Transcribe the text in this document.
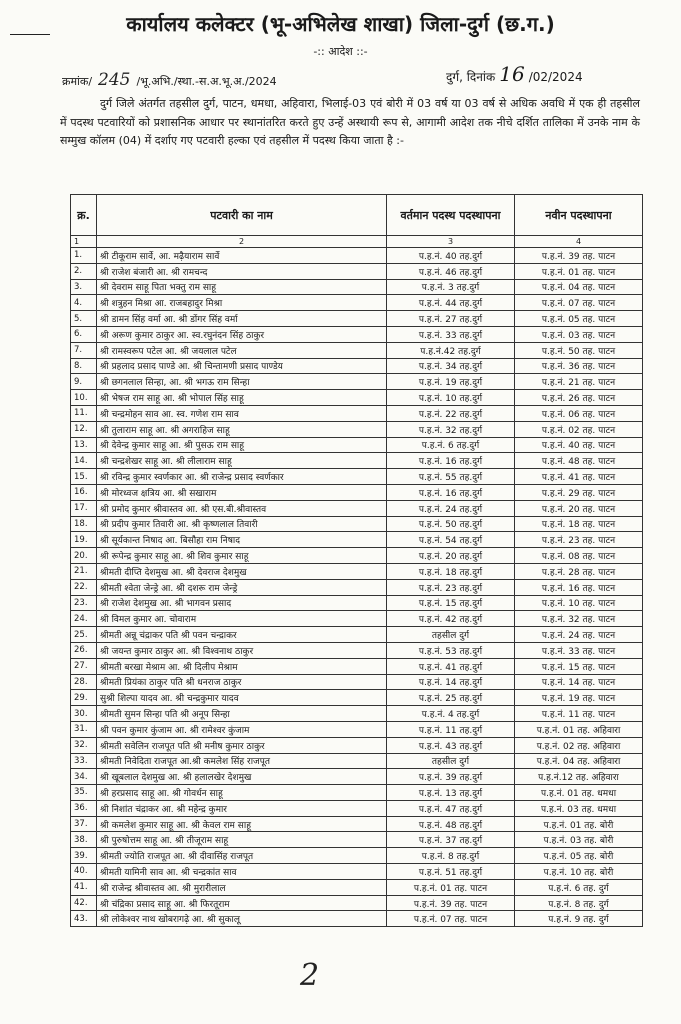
कार्यालय कलेक्टर (भू-अभिलेख शाखा) जिला-दुर्ग (छ.ग.)
-:: आदेश ::-
क्रमांक/ 245 /भू.अभि./स्था.-स.अ.भू.अ./2024	दुर्ग, दिनांक 16 /02/2024
दुर्ग जिले अंतर्गत तहसील दुर्ग, पाटन, धमधा, अहिवारा, भिलाई-03 एवं बोरी में 03 वर्ष या 03 वर्ष से अधिक अवधि में एक ही तहसील में पदस्थ पटवारियों को प्रशासनिक आधार पर स्थानांतरित करते हुए उन्हें अस्थायी रूप से, आगामी आदेश तक नीचे दर्शित तालिका में उनके नाम के सम्मुख कॉलम (04) में दर्शाए गए पटवारी हल्का एवं तहसील में पदस्थ किया जाता है :-
क्र.	पटवारी का नाम	वर्तमान पदस्थ पदस्थापना	नवीन पदस्थापना
1	2	3	4
1.	श्री टीकूराम सार्वे, आ. मढ़ैयाराम सार्वे	प.ह.नं. 40 तह.दुर्ग	प.ह.नं. 39 तह. पाटन
2.	श्री राजेश बंजारी आ. श्री रामचन्द	प.ह.नं. 46 तह.दुर्ग	प.ह.नं. 01 तह. पाटन
3.	श्री देवराम साहू पिता भक्तु राम साहू	प.ह.नं. 3 तह.दुर्ग	प.ह.नं. 04 तह. पाटन
4.	श्री शत्रुहन मिश्रा आ. राजबहादुर मिश्रा	प.ह.नं. 44 तह.दुर्ग	प.ह.नं. 07 तह. पाटन
5.	श्री डामन सिंह वर्मा आ. श्री डोंगर सिंह वर्मा	प.ह.नं. 27 तह.दुर्ग	प.ह.नं. 05 तह. पाटन
6.	श्री अरूण कुमार ठाकुर आ. स्व.रघुनंदन सिंह ठाकुर	प.ह.नं. 33 तह.दुर्ग	प.ह.नं. 03 तह. पाटन
7.	श्री रामस्वरूप पटेल आ. श्री जयलाल पटेल	प.ह.नं.42 तह.दुर्ग	प.ह.नं. 50 तह. पाटन
8.	श्री प्रहलाद प्रसाद पाण्डे आ. श्री चिन्तामणी प्रसाद पाण्डेय	प.ह.नं. 34 तह.दुर्ग	प.ह.नं. 36 तह. पाटन
9.	श्री छगनलाल सिन्हा, आ. श्री भगऊ राम सिन्हा	प.ह.नं. 19 तह.दुर्ग	प.ह.नं. 21 तह. पाटन
10.	श्री भेषज राम साहू आ. श्री भोपाल सिंह साहू	प.ह.नं. 10 तह.दुर्ग	प.ह.नं. 26 तह. पाटन
11.	श्री चन्द्रमोहन साव आ. स्व. गणेश राम साव	प.ह.नं. 22 तह.दुर्ग	प.ह.नं. 06 तह. पाटन
12.	श्री तुलाराम साहू आ. श्री अगराहिज साहू	प.ह.नं. 32 तह.दुर्ग	प.ह.नं. 02 तह. पाटन
13.	श्री देवेन्द्र कुमार साहू आ. श्री पुसऊ राम साहू	प.ह.नं. 6 तह.दुर्ग	प.ह.नं. 40 तह. पाटन
14.	श्री चन्द्रशेखर साहू आ. श्री लीलाराम साहू	प.ह.नं. 16 तह.दुर्ग	प.ह.नं. 48 तह. पाटन
15.	श्री रविन्द्र कुमार स्वर्णकार आ. श्री राजेन्द्र प्रसाद स्वर्णकार	प.ह.नं. 55 तह.दुर्ग	प.ह.नं. 41 तह. पाटन
16.	श्री मोरध्वज क्षत्रिय आ. श्री सखाराम	प.ह.नं. 16 तह.दुर्ग	प.ह.नं. 29 तह. पाटन
17.	श्री प्रमोद कुमार श्रीवास्तव आ. श्री एस.बी.श्रीवास्तव	प.ह.नं. 24 तह.दुर्ग	प.ह.नं. 20 तह. पाटन
18.	श्री प्रदीप कुमार तिवारी आ. श्री कृष्णलाल तिवारी	प.ह.नं. 50 तह.दुर्ग	प.ह.नं. 18 तह. पाटन
19.	श्री सूर्यकान्त निषाद आ. बिसौहा राम निषाद	प.ह.नं. 54 तह.दुर्ग	प.ह.नं. 23 तह. पाटन
20.	श्री रूपेन्द्र कुमार साहू आ. श्री शिव कुमार साहू	प.ह.नं. 20 तह.दुर्ग	प.ह.नं. 08 तह. पाटन
21.	श्रीमती दीप्ति देशमुख आ. श्री देवराज देशमुख	प.ह.नं. 18 तह.दुर्ग	प.ह.नं. 28 तह. पाटन
22.	श्रीमती श्वेता जेन्ड्रे आ. श्री दशरू राम जेन्ड्रे	प.ह.नं. 23 तह.दुर्ग	प.ह.नं. 16 तह. पाटन
23.	श्री राजेश देशमुख आ. श्री भागवन प्रसाद	प.ह.नं. 15 तह.दुर्ग	प.ह.नं. 10 तह. पाटन
24.	श्री विमल कुमार आ. चोवाराम	प.ह.नं. 42 तह.दुर्ग	प.ह.नं. 32 तह. पाटन
25.	श्रीमती अन्नू चंद्राकर पति श्री पवन चन्द्राकर	तहसील दुर्ग	प.ह.नं. 24 तह. पाटन
26.	श्री जयन्त कुमार ठाकुर आ. श्री विश्वनाथ ठाकुर	प.ह.नं. 53 तह.दुर्ग	प.ह.नं. 33 तह. पाटन
27.	श्रीमती बरखा मेश्राम आ. श्री दिलीप मेश्राम	प.ह.नं. 41 तह.दुर्ग	प.ह.नं. 15 तह. पाटन
28.	श्रीमती प्रियंका ठाकुर पति श्री धनराज ठाकुर	प.ह.नं. 14 तह.दुर्ग	प.ह.नं. 14 तह. पाटन
29.	सुश्री शिल्पा यादव आ. श्री चन्द्रकुमार यादव	प.ह.नं. 25 तह.दुर्ग	प.ह.नं. 19 तह. पाटन
30.	श्रीमती सुमन सिन्हा पति श्री अनूप सिन्हा	प.ह.नं. 4 तह.दुर्ग	प.ह.नं. 11 तह. पाटन
31.	श्री पवन कुमार कुंजाम आ. श्री रामेश्वर कुंजाम	प.ह.नं. 11 तह.दुर्ग	प.ह.नं. 01 तह. अहिवारा
32.	श्रीमती सवेलिन राजपूत पति श्री मनीष कुमार ठाकुर	प.ह.नं. 43 तह.दुर्ग	प.ह.नं. 02 तह. अहिवारा
33.	श्रीमती निवेदिता राजपूत आ.श्री कमलेश सिंह राजपूत	तहसील दुर्ग	प.ह.नं. 04 तह. अहिवारा
34.	श्री खूबलाल देशमुख आ. श्री हलालखेर देशमुख	प.ह.नं. 39 तह.दुर्ग	प.ह.नं.12 तह. अहिवारा
35.	श्री हरप्रसाद साहू आ. श्री गोवर्धन साहू	प.ह.नं. 13 तह.दुर्ग	प.ह.नं. 01 तह. धमधा
36.	श्री निशांत चंद्राकर आ. श्री महेन्द्र कुमार	प.ह.नं. 47 तह.दुर्ग	प.ह.नं. 03 तह. धमधा
37.	श्री कमलेश कुमार साहू आ. श्री केवल राम साहू	प.ह.नं. 48 तह.दुर्ग	प.ह.नं. 01 तह. बोरी
38.	श्री पुरुषोत्तम साहू आ. श्री तीजूराम साहू	प.ह.नं. 37 तह.दुर्ग	प.ह.नं. 03 तह. बोरी
39.	श्रीमती ज्योति राजपूत आ. श्री दीवासिंह राजपूत	प.ह.नं. 8 तह.दुर्ग	प.ह.नं. 05 तह. बोरी
40.	श्रीमती यामिनी साव आ. श्री चन्द्रकांत साव	प.ह.नं. 51 तह.दुर्ग	प.ह.नं. 10 तह. बोरी
41.	श्री राजेन्द्र श्रीवास्तव आ. श्री मुरारीलाल	प.ह.नं. 01 तह. पाटन	प.ह.नं. 6 तह. दुर्ग
42.	श्री चंद्रिका प्रसाद साहू आ. श्री फिरतूराम	प.ह.नं. 39 तह. पाटन	प.ह.नं. 8 तह. दुर्ग
43.	श्री लोकेश्वर नाथ खोबरागढ़े आ. श्री सुकालू	प.ह.नं. 07 तह. पाटन	प.ह.नं. 9 तह. दुर्ग
2
